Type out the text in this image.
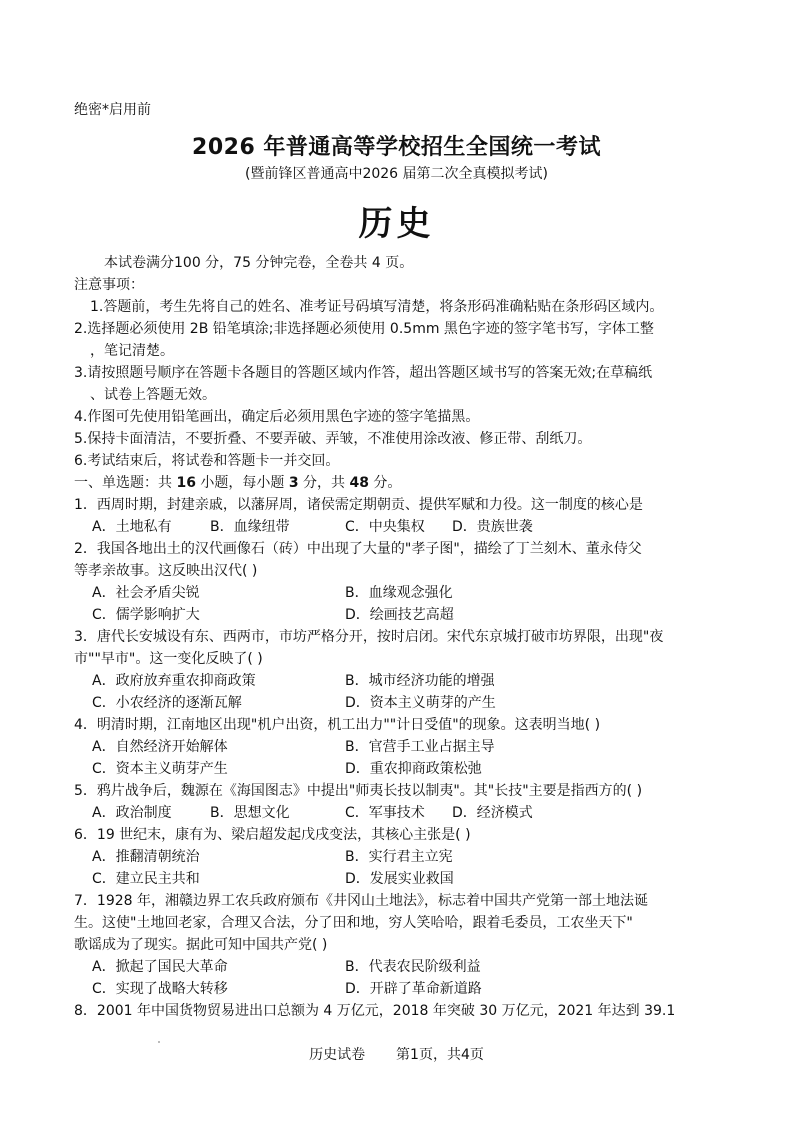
绝密*启用前
2026 年普通高等学校招生全国统一考试
(暨前锋区普通高中2026 届第二次全真模拟考试)
历史
本试卷满分100 分，75 分钟完卷，全卷共 4 页。
注意事项：
1.答题前，考生先将自己的姓名、准考证号码填写清楚，将条形码准确粘贴在条形码区域内。
2.选择题必须使用 2B 铅笔填涂;非选择题必须使用 0.5mm 黑色字迹的签字笔书写，字体工整
，笔记清楚。
3.请按照题号顺序在答题卡各题目的答题区域内作答，超出答题区域书写的答案无效;在草稿纸
、试卷上答题无效。
4.作图可先使用铅笔画出，确定后必须用黑色字迹的签字笔描黑。
5.保持卡面清洁，不要折叠、不要弄破、弄皱，不准使用涂改液、修正带、刮纸刀。
6.考试结束后，将试卷和答题卡一并交回。
一、单选题：共 16 小题，每小题 3 分，共 48 分。
1．西周时期，封建亲戚，以藩屏周，诸侯需定期朝贡、提供军赋和力役。这一制度的核心是
A．土地私有	B．血缘纽带	C．中央集权 D．贵族世袭
2．我国各地出土的汉代画像石（砖）中出现了大量的"孝子图"，描绘了丁兰刻木、董永侍父
等孝亲故事。这反映出汉代( )
A．社会矛盾尖锐	B．血缘观念强化
C．儒学影响扩大	D．绘画技艺高超
3．唐代长安城设有东、西两市，市坊严格分开，按时启闭。宋代东京城打破市坊界限，出现"夜
市""早市"。这一变化反映了( )
A．政府放弃重农抑商政策	B．城市经济功能的增强
C．小农经济的逐渐瓦解	D．资本主义萌芽的产生
4．明清时期，江南地区出现"机户出资，机工出力""计日受值"的现象。这表明当地( )
A．自然经济开始解体	B．官营手工业占据主导
C．资本主义萌芽产生	D．重农抑商政策松弛
5．鸦片战争后，魏源在《海国图志》中提出"师夷长技以制夷"。其"长技"主要是指西方的( )
A．政治制度	B．思想文化	C．军事技术 D．经济模式
6．19 世纪末，康有为、梁启超发起戊戌变法，其核心主张是( )
A．推翻清朝统治	B．实行君主立宪
C．建立民主共和	D．发展实业救国
7．1928 年，湘赣边界工农兵政府颁布《井冈山土地法》，标志着中国共产党第一部土地法诞
生。这使"土地回老家，合理又合法，分了田和地，穷人笑哈哈，跟着毛委员，工农坐天下"
歌谣成为了现实。据此可知中国共产党( )
A．掀起了国民大革命	B．代表农民阶级利益
C．实现了战略大转移	D．开辟了革命新道路
8．2001 年中国货物贸易进出口总额为 4 万亿元，2018 年突破 30 万亿元，2021 年达到 39.1
历史试卷 第1页，共4页
